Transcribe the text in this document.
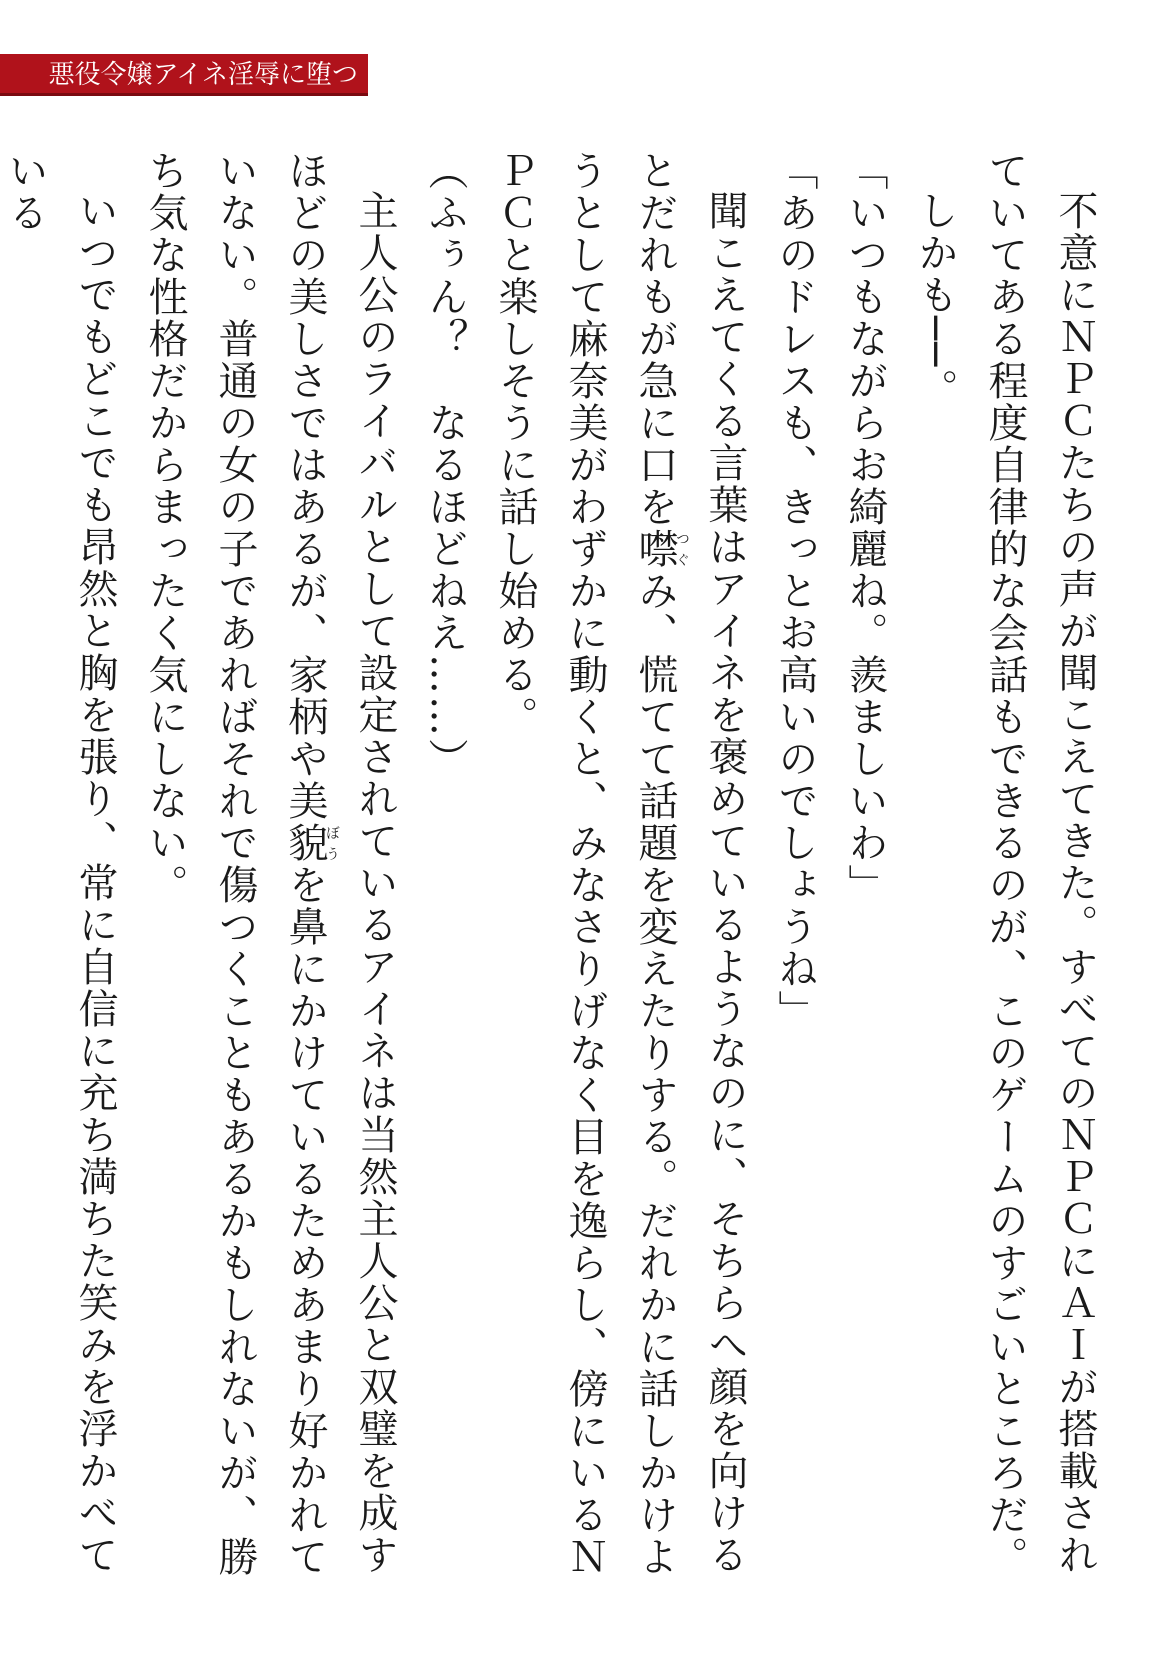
悪役令嬢アイネ淫辱に堕つ

不意にＮＰＣたちの声が聞こえてきた。すべてのＮＰＣにＡＩが搭載されていてある程度自律的な会話もできるのが、このゲームのすごいところだ。

しかも──。

「いつもながらお綺麗ね。羨ましいわ」

「あのドレスも、きっとお高いのでしょうね」

聞こえてくる言葉はアイネを褒めているようなのに、そちらへ顔を向けるとだれもが急に口を噤つぐみ、慌てて話題を変えたりする。だれかに話しかけようとして麻奈美がわずかに動くと、みなさりげなく目を逸らし、傍にいるＮＰＣと楽しそうに話し始める。

（ふぅん？　なるほどねえ……）

主人公のライバルとして設定されているアイネは当然主人公と双璧を成すほどの美しさではあるが、家柄や美貌ぼうを鼻にかけているためあまり好かれていない。普通の女の子であればそれで傷つくこともあるかもしれないが、勝ち気な性格だからまったく気にしない。

いつでもどこでも昂然と胸を張り、常に自信に充ち満ちた笑みを浮かべている
